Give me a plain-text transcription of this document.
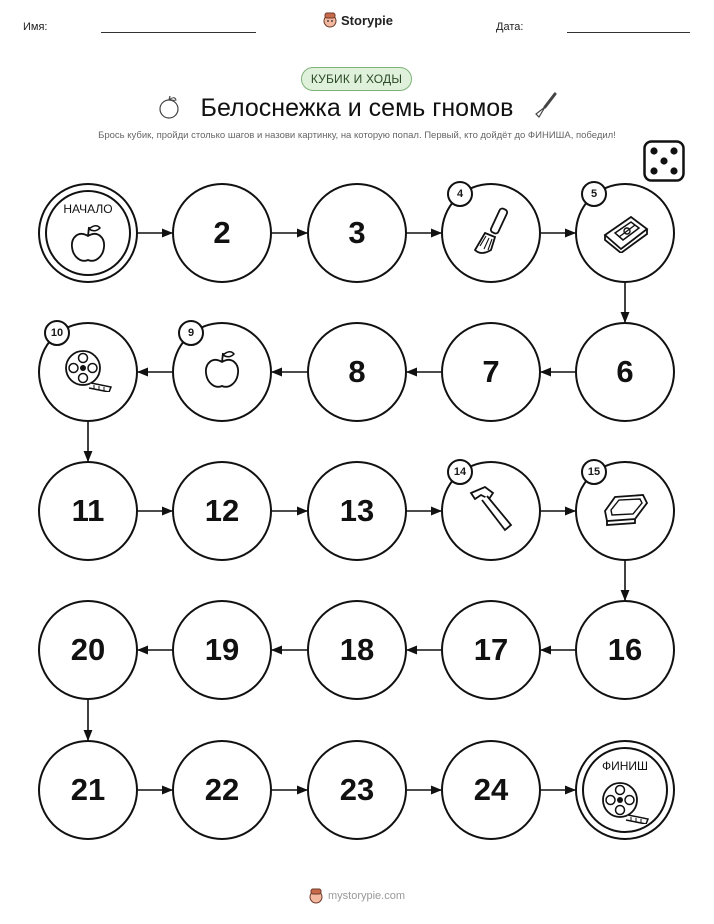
Имя:	Storypie	Дата:
КУБИК И ХОДЫ
Белоснежка и семь гномов
Брось кубик, пройди столько шагов и назови картинку, на которую попал. Первый, кто дойдёт до ФИНИША, победил!
НАЧАЛО
2	3
4	5
6
7
8
9
10
11	12	13
14	15
16
17
18
19
20
21	22	23	24
ФИНИШ
mystorypie.com
